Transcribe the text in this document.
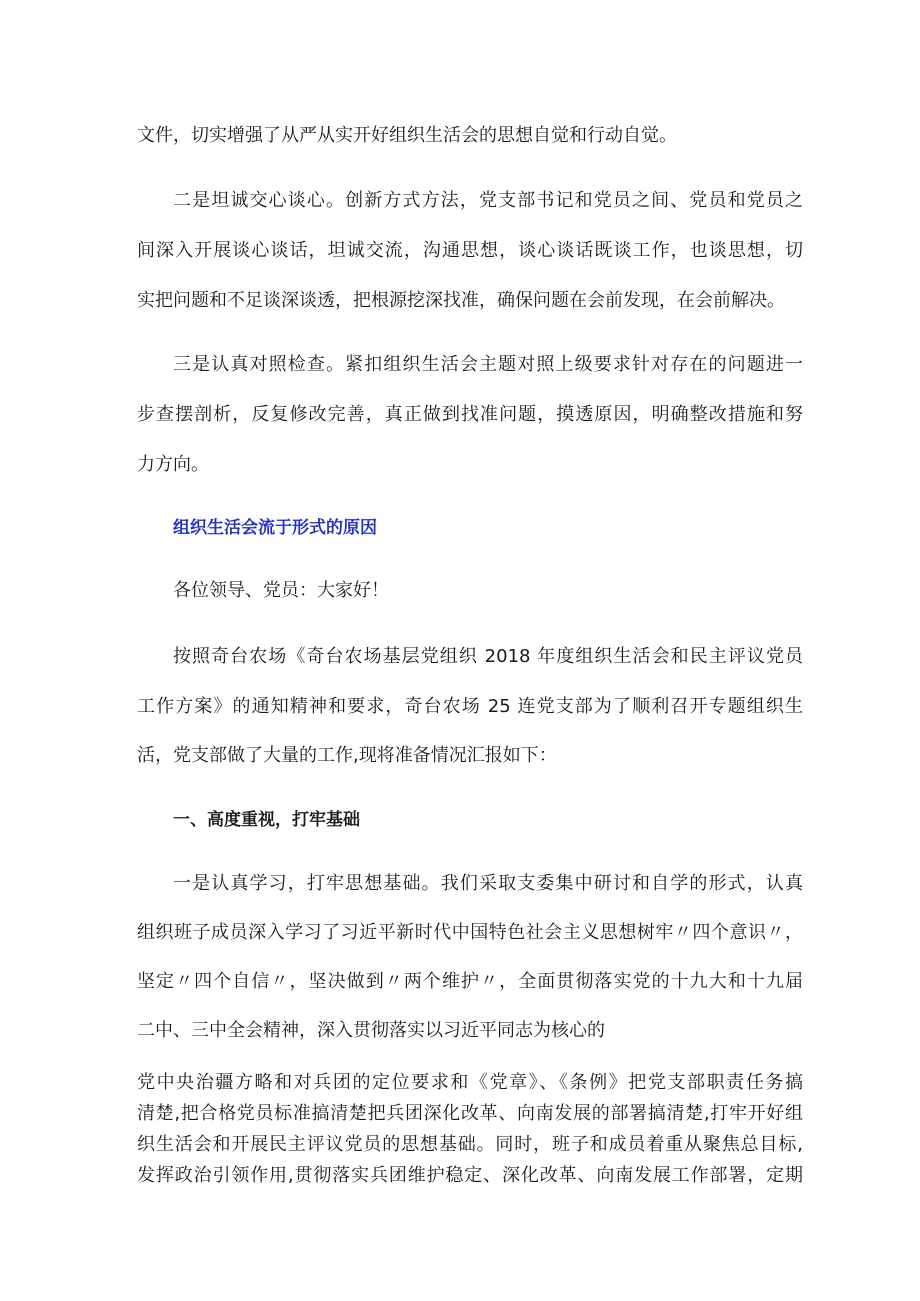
文件，切实增强了从严从实开好组织生活会的思想自觉和行动自觉。
二是坦诚交心谈心。创新方式方法，党支部书记和党员之间、党员和党员之
间深入开展谈心谈话，坦诚交流，沟通思想，谈心谈话既谈工作，也谈思想，切
实把问题和不足谈深谈透，把根源挖深找准，确保问题在会前发现，在会前解决。
三是认真对照检查。紧扣组织生活会主题对照上级要求针对存在的问题进一
步查摆剖析，反复修改完善，真正做到找准问题，摸透原因，明确整改措施和努
力方向。
组织生活会流于形式的原因
各位领导、党员：大家好！
按照奇台农场《奇台农场基层党组织 2018 年度组织生活会和民主评议党员
工作方案》的通知精神和要求，奇台农场 25 连党支部为了顺利召开专题组织生
活，党支部做了大量的工作,现将准备情况汇报如下：
一、高度重视，打牢基础
一是认真学习，打牢思想基础。我们采取支委集中研讨和自学的形式，认真
组织班子成员深入学习了习近平新时代中国特色社会主义思想树牢〃四个意识〃，
坚定〃四个自信〃，坚决做到〃两个维护〃，全面贯彻落实党的十九大和十九届
二中、三中全会精神，深入贯彻落实以习近平同志为核心的
党中央治疆方略和对兵团的定位要求和《党章》、《条例》把党支部职责任务搞
清楚,把合格党员标准搞清楚把兵团深化改革、向南发展的部署搞清楚,打牢开好组
织生活会和开展民主评议党员的思想基础。同时，班子和成员着重从聚焦总目标,
发挥政治引领作用,贯彻落实兵团维护稳定、深化改革、向南发展工作部署，定期
